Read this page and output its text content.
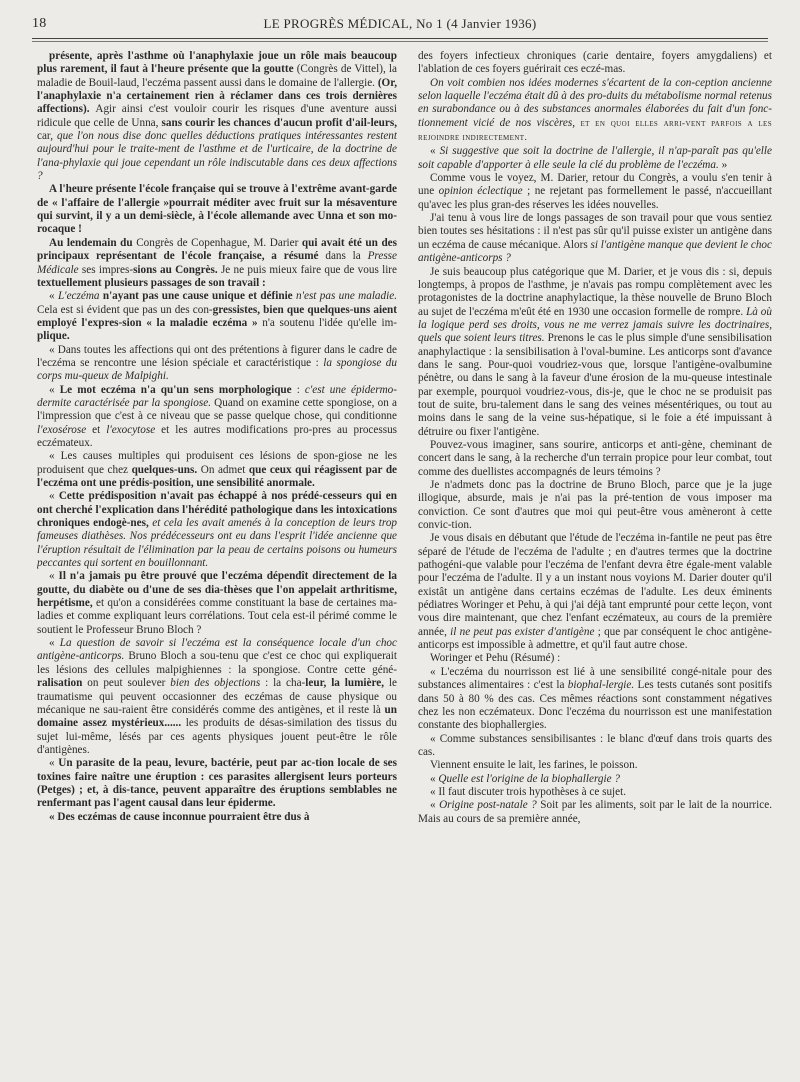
18	LE PROGRÈS MÉDICAL, No 1 (4 Janvier 1936)

présente, après l'asthme où l'anaphylaxie joue un rôle mais beaucoup plus rarement, il faut à l'heure présente que la goutte (Congrès de Vittel), la maladie de Bouil-laud, l'eczéma passent aussi dans le domaine de l'allergie. (Or, l'anaphylaxie n'a certainement rien à réclamer dans ces trois dernières affections). Agir ainsi c'est vouloir courir les risques d'une aventure aussi ridicule que celle de Unna, sans courir les chances d'aucun profit d'ail-leurs, car, que l'on nous dise donc quelles déductions pratiques intéressantes restent aujourd'hui pour le traite-ment de l'asthme et de l'urticaire, de la doctrine de l'ana-phylaxie qui joue cependant un rôle indiscutable dans ces deux affections ?

A l'heure présente l'école française qui se trouve à l'extrême avant-garde de « l'affaire de l'allergie »pourrait méditer avec fruit sur la mésaventure qui survint, il y a un demi-siècle, à l'école allemande avec Unna et son mo-rocaque !

Au lendemain du Congrès de Copenhague, M. Darier qui avait été un des principaux représentant de l'école française, a résumé dans la Presse Médicale ses impres-sions au Congrès. Je ne puis mieux faire que de vous lire textuellement plusieurs passages de son travail :

« L'eczéma n'ayant pas une cause unique et définie n'est pas une maladie. Cela est si évident que pas un des con-gressistes, bien que quelques-uns aient employé l'expres-sion « la maladie eczéma » n'a soutenu l'idée qu'elle im-plique.

« Dans toutes les affections qui ont des prétentions à figurer dans le cadre de l'eczéma se rencontre une lésion spéciale et caractéristique : la spongiose du corps mu-queux de Malpighi.

« Le mot eczéma n'a qu'un sens morphologique : c'est une épidermo-dermite caractérisée par la spongiose. Quand on examine cette spongiose, on a l'impression que c'est à ce niveau que se passe quelque chose, qui conditionne l'exosérose et l'exocytose et les autres modifications pro-pres au processus eczémateux.

« Les causes multiples qui produisent ces lésions de spon-giose ne les produisent que chez quelques-uns. On admet que ceux qui réagissent par de l'eczéma ont une prédis-position, une sensibilité anormale.

« Cette prédisposition n'avait pas échappé à nos prédé-cesseurs qui en ont cherché l'explication dans l'hérédité pathologique dans les intoxications chroniques endogè-nes, et cela les avait amenés à la conception de leurs trop fameuses diathèses. Nos prédécesseurs ont eu dans l'esprit l'idée ancienne que l'éruption résultait de l'élimination par la peau de certains poisons ou humeurs peccantes qui sortent en bouillonnant.

« Il n'a jamais pu être prouvé que l'eczéma dépendît directement de la goutte, du diabète ou d'une de ses dia-thèses que l'on appelait arthritisme, herpétisme, et qu'on a considérées comme constituant la base de certaines ma-ladies et comme expliquant leurs corrélations. Tout cela est-il périmé comme le soutient le Professeur Bruno Bloch ?

« La question de savoir si l'eczéma est la conséquence locale d'un choc antigène-anticorps. Bruno Bloch a sou-tenu que c'est ce choc qui expliquerait les lésions des cellules malpighiennes : la spongiose. Contre cette géné-ralisation on peut soulever bien des objections : la cha-leur, la lumière, le traumatisme qui peuvent occasionner des eczémas de cause physique ou mécanique ne sau-raient être considérés comme des antigènes, et il reste là un domaine assez mystérieux...... les produits de désas-similation des tissus du sujet lui-même, lésés par ces agents physiques jouent peut-être le rôle d'antigènes.

« Un parasite de la peau, levure, bactérie, peut par ac-tion locale de ses toxines faire naître une éruption : ces parasites allergisent leurs porteurs (Petges) ; et, à dis-tance, peuvent apparaître des éruptions semblables ne renfermant pas l'agent causal dans leur épiderme.

« Des eczémas de cause inconnue pourraient être dus à

des foyers infectieux chroniques (carie dentaire, foyers amygdaliens) et l'ablation de ces foyers guérirait ces eczé-mas.

On voit combien nos idées modernes s'écartent de la con-ception ancienne selon laquelle l'eczéma était dû à des pro-duits du métabolisme normal retenus en surabondance ou à des substances anormales élaborées du fait d'un fonc-tionnement vicié de nos viscères, et en quoi elles arri-vent parfois a les rejoindre indirectement.

« Si suggestive que soit la doctrine de l'allergie, il n'ap-paraît pas qu'elle soit capable d'apporter à elle seule la clé du problème de l'eczéma. »

Comme vous le voyez, M. Darier, retour du Congrès, a voulu s'en tenir à une opinion éclectique ; ne rejetant pas formellement le passé, n'accueillant qu'avec les plus gran-des réserves les idées nouvelles.

J'ai tenu à vous lire de longs passages de son travail pour que vous sentiez bien toutes ses hésitations : il n'est pas sûr qu'il puisse exister un antigène dans un eczéma de cause mécanique. Alors si l'antigène manque que devient le choc antigène-anticorps ?

Je suis beaucoup plus catégorique que M. Darier, et je vous dis : si, depuis longtemps, à propos de l'asthme, je n'avais pas rompu complètement avec les protagonistes de la doctrine anaphylactique, la thèse nouvelle de Bruno Bloch au sujet de l'eczéma m'eût été en 1930 une occasion formelle de rompre. Là où la logique perd ses droits, vous ne me verrez jamais suivre les doctrinaires, quels que soient leurs titres. Prenons le cas le plus simple d'une sensibilisation anaphylactique : la sensibilisation à l'oval-bumine. Les anticorps sont d'avance dans le sang. Pour-quoi voudriez-vous que, lorsque l'antigène-ovalbumine pénètre, ou dans le sang à la faveur d'une érosion de la mu-queuse intestinale par exemple, pourquoi voudriez-vous, dis-je, que le choc ne se produisit pas tout de suite, bru-talement dans le sang des veines mésentériques, ou tout au moins dans le sang de la veine sus-hépatique, si le foie a été impuissant à détruire ou fixer l'antigène.

Pouvez-vous imaginer, sans sourire, anticorps et anti-gène, cheminant de concert dans le sang, à la recherche d'un terrain propice pour leur combat, tout comme des duellistes accompagnés de leurs témoins ?

Je n'admets donc pas la doctrine de Bruno Bloch, parce que je la juge illogique, absurde, mais je n'ai pas la pré-tention de vous imposer ma conviction. Ce sont d'autres que moi qui peut-être vous amèneront à cette convic-tion.

Je vous disais en débutant que l'étude de l'eczéma in-fantile ne peut pas être séparé de l'étude de l'eczéma de l'adulte ; en d'autres termes que la doctrine pathogéni-que valable pour l'eczéma de l'enfant devra être égale-ment valable pour l'eczéma de l'adulte. Il y a un instant nous voyions M. Darier douter qu'il existât un antigène dans certains eczémas de l'adulte. Les deux éminents pédiatres Woringer et Pehu, à qui j'ai déjà tant emprunté pour cette leçon, vont vous dire maintenant, que chez l'enfant eczémateux, au cours de la première année, il ne peut pas exister d'antigène ; que par conséquent le choc antigène-anticorps est impossible à admettre, et qu'il faut autre chose.

Woringer et Pehu (Résumé) :

« L'eczéma du nourrisson est lié à une sensibilité congé-nitale pour des substances alimentaires : c'est la biophal-lergie. Les tests cutanés sont positifs dans 50 à 80 % des cas. Ces mêmes réactions sont constamment négatives chez les non eczémateux. Donc l'eczéma du nourrisson est une manifestation constante des biophallergies.

« Comme substances sensibilisantes : le blanc d'œuf dans trois quarts des cas.

Viennent ensuite le lait, les farines, le poisson.

« Quelle est l'origine de la biophallergie ?

« Il faut discuter trois hypothèses à ce sujet.

« Origine post-natale ? Soit par les aliments, soit par le lait de la nourrice. Mais au cours de sa première année,
